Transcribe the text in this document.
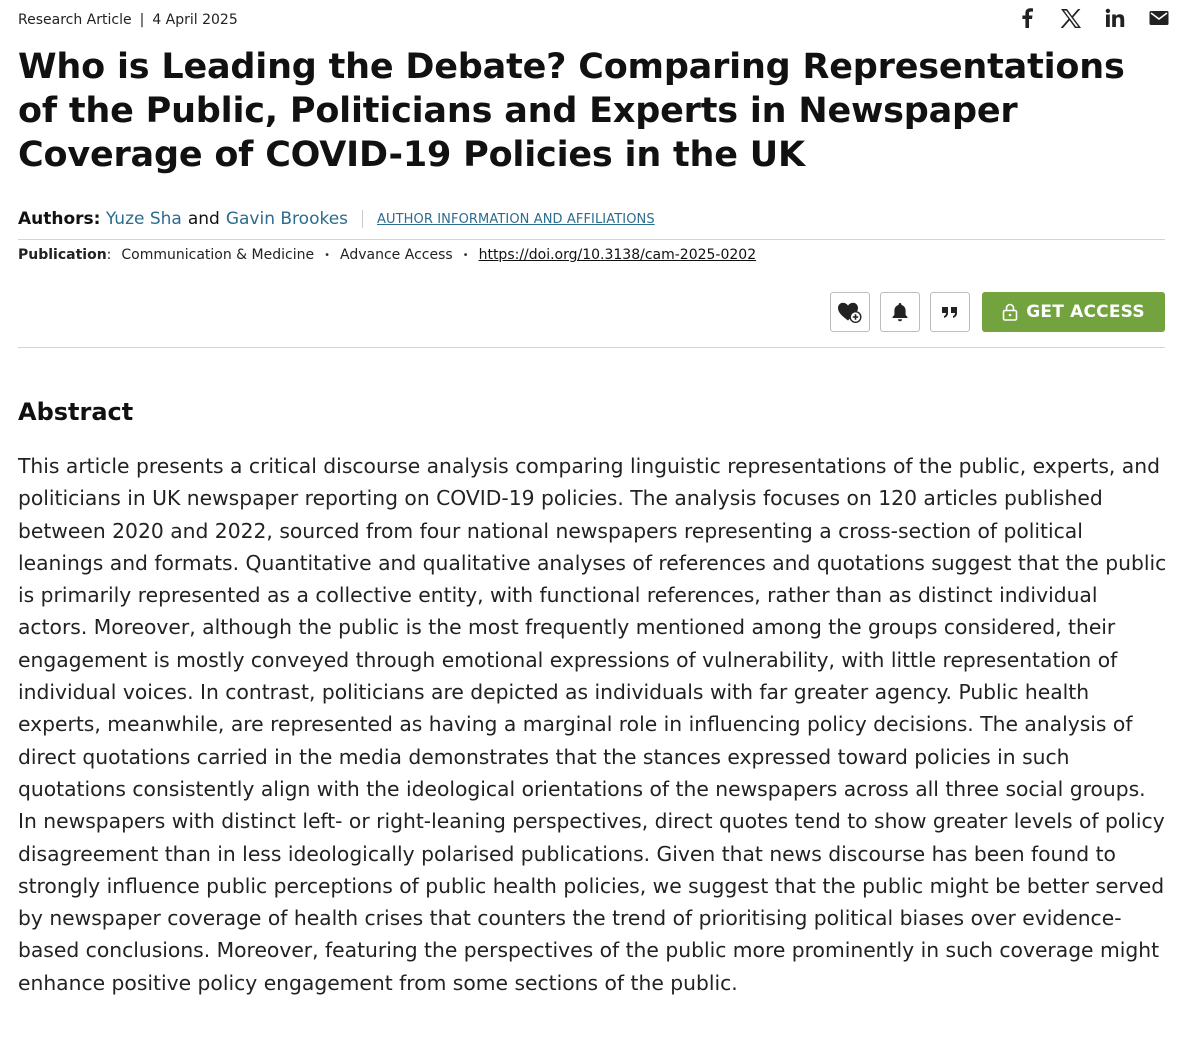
Research Article | 4 April 2025
Who is Leading the Debate? Comparing Representations of the Public, Politicians and Experts in Newspaper Coverage of COVID-19 Policies in the UK
Authors:
Yuze Sha and Gavin Brookes AUTHOR INFORMATION AND AFFILIATIONS
Publication: Communication & Medicine • Advance Access • https://doi.org/10.3138/cam-2025-0202
GET ACCESS
Abstract

This article presents a critical discourse analysis comparing linguistic representations of the public, experts, and politicians in UK newspaper reporting on COVID-19 policies. The analysis focuses on 120 articles published between 2020 and 2022, sourced from four national newspapers representing a cross-section of political leanings and formats. Quantitative and qualitative analyses of references and quotations suggest that the public is primarily represented as a collective entity, with functional references, rather than as distinct individual actors. Moreover, although the public is the most frequently mentioned among the groups considered, their engagement is mostly conveyed through emotional expressions of vulnerability, with little representation of individual voices. In contrast, politicians are depicted as individuals with far greater agency. Public health experts, meanwhile, are represented as having a marginal role in influencing policy decisions. The analysis of direct quotations carried in the media demonstrates that the stances expressed toward policies in such quotations consistently align with the ideological orientations of the newspapers across all three social groups. In newspapers with distinct left- or right-leaning perspectives, direct quotes tend to show greater levels of policy disagreement than in less ideologically polarised publications. Given that news discourse has been found to strongly influence public perceptions of public health policies, we suggest that the public might be better served by newspaper coverage of health crises that counters the trend of prioritising political biases over evidence-based conclusions. Moreover, featuring the perspectives of the public more prominently in such coverage might enhance positive policy engagement from some sections of the public.
